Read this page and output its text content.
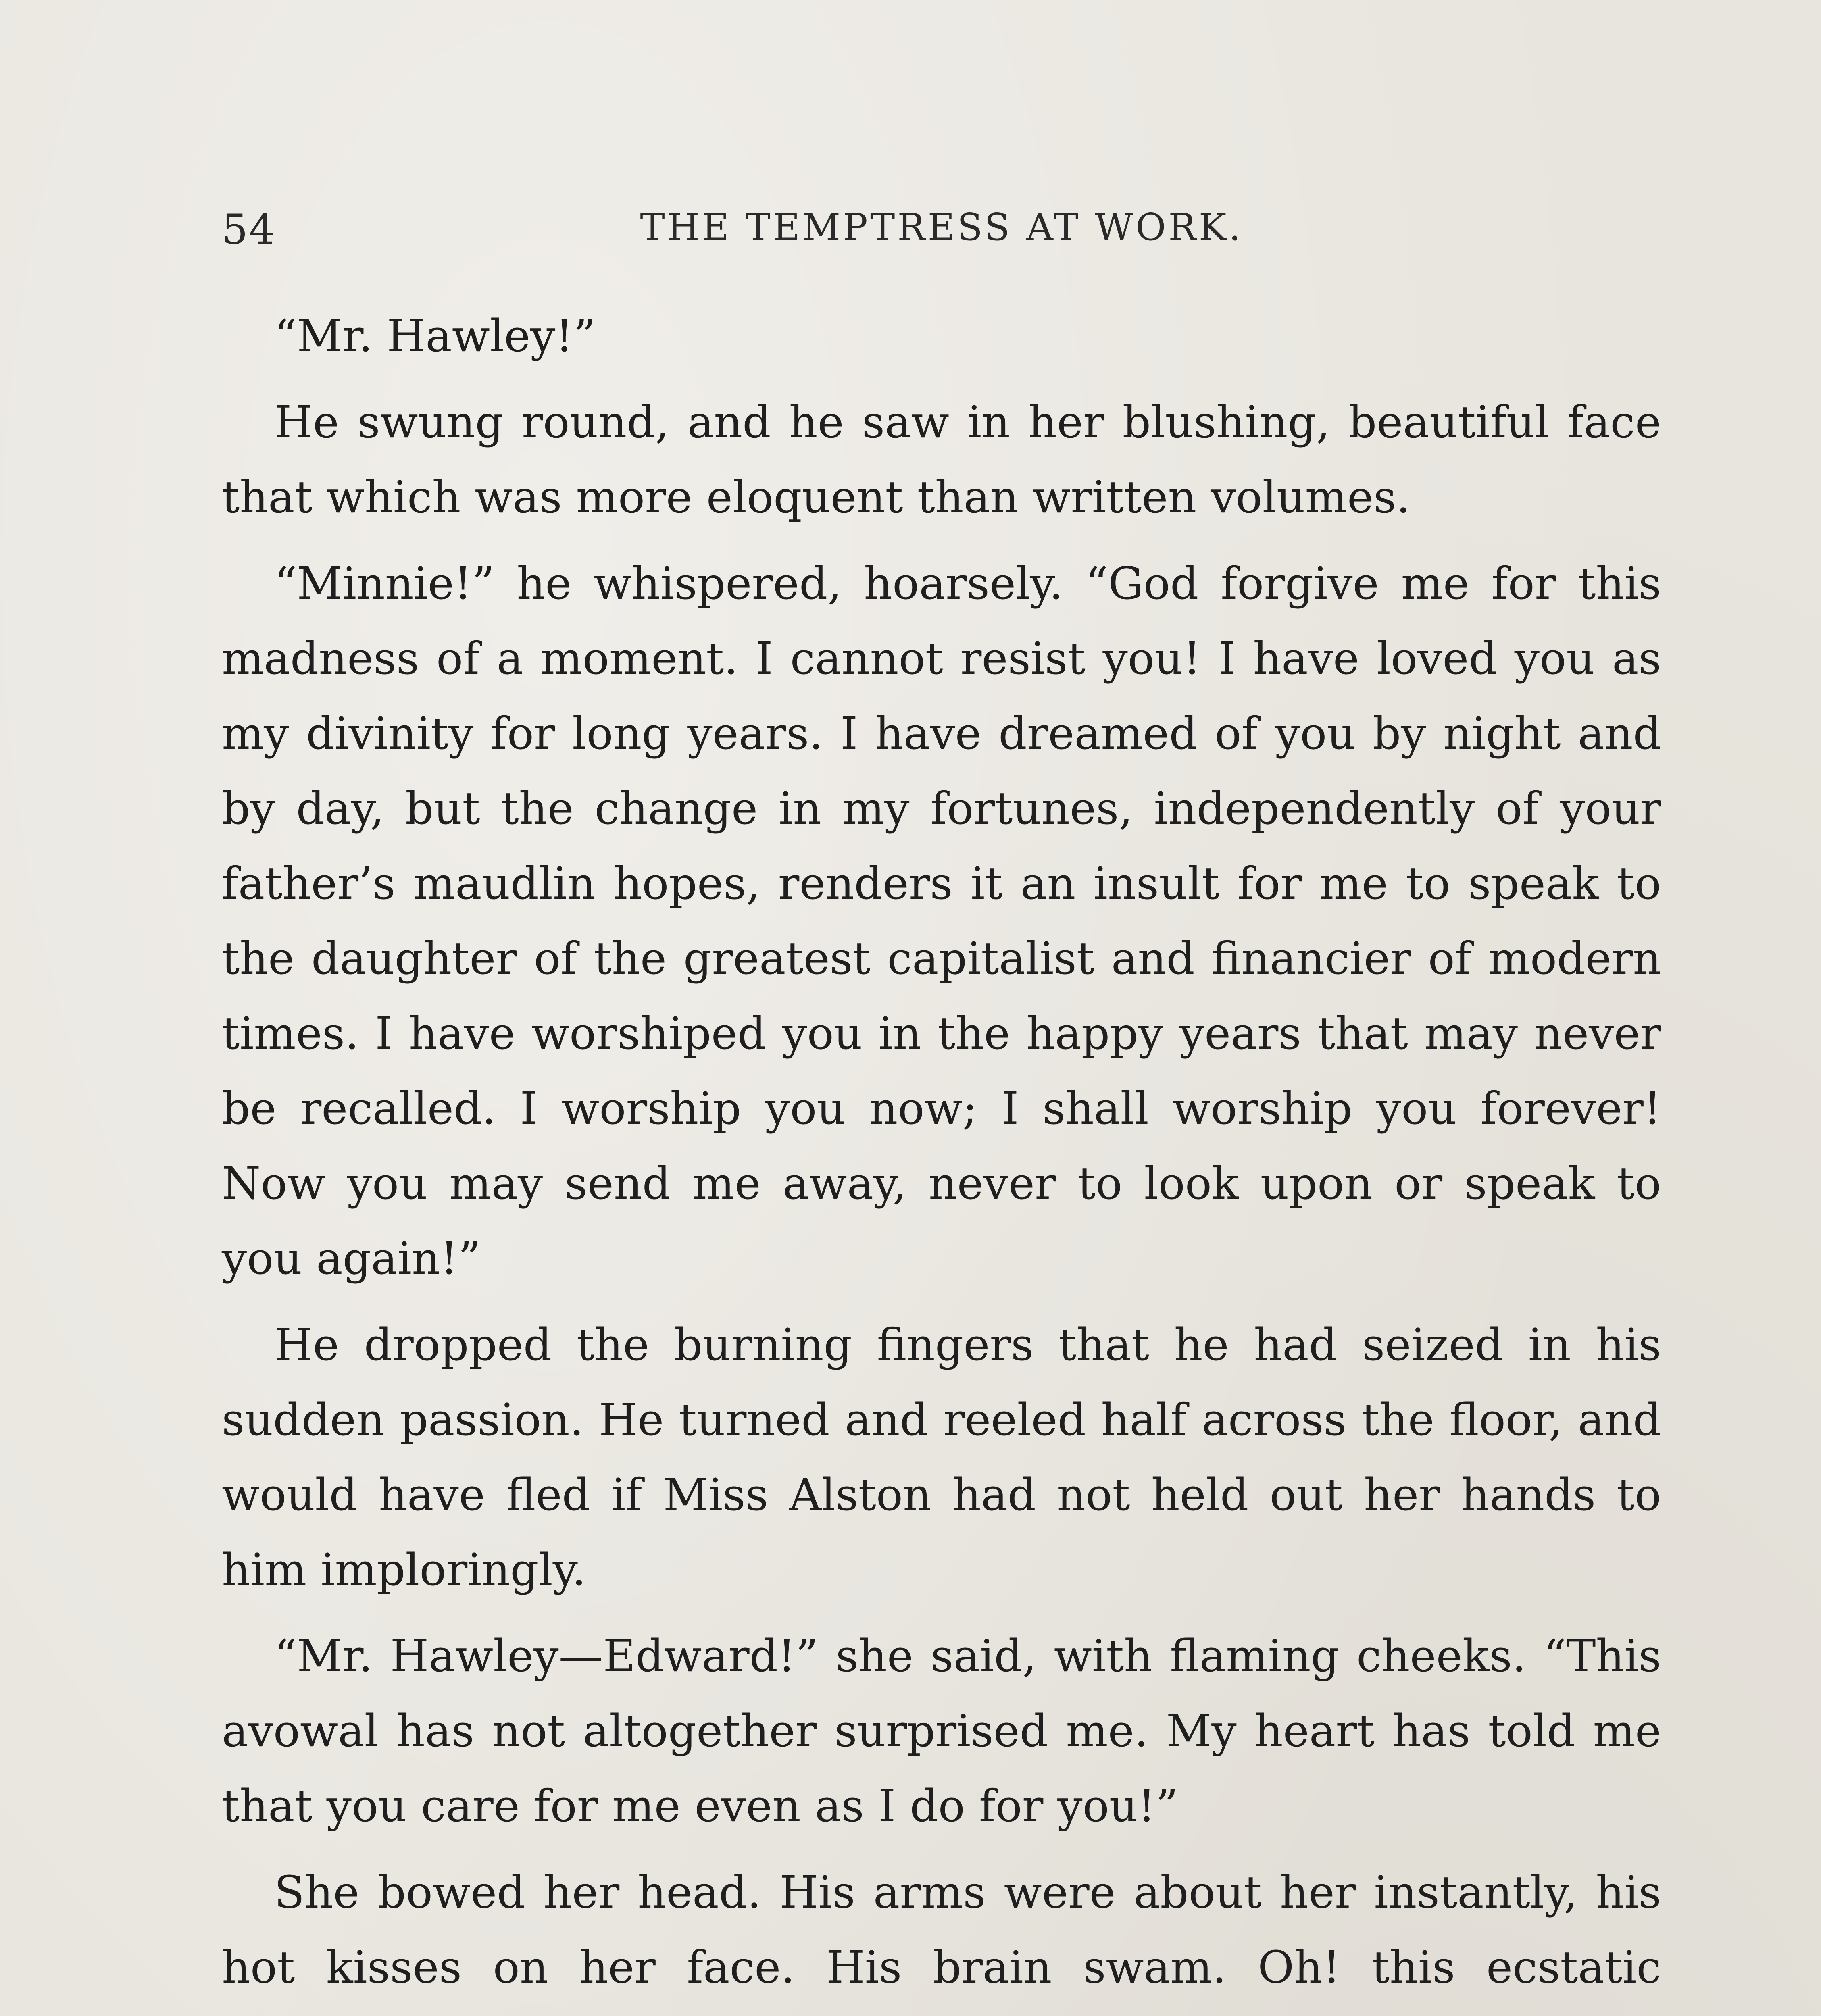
54	THE TEMPTRESS AT WORK.

“Mr. Hawley!”

He swung round, and he saw in her blushing, beautiful face that which was more eloquent than written volumes.

“Minnie!” he whispered, hoarsely. “God forgive me for this madness of a moment. I cannot resist you! I have loved you as my divinity for long years. I have dreamed of you by night and by day, but the change in my fortunes, independently of your father’s maudlin hopes, renders it an insult for me to speak to the daughter of the greatest capitalist and financier of modern times. I have worshiped you in the happy years that may never be recalled. I worship you now; I shall worship you forever! Now you may send me away, never to look upon or speak to you again!”

He dropped the burning fingers that he had seized in his sudden passion. He turned and reeled half across the floor, and would have fled if Miss Alston had not held out her hands to him imploringly.

“Mr. Hawley—Edward!” she said, with flaming cheeks. “This avowal has not altogether surprised me. My heart has told me that you care for me even as I do for you!”

She bowed her head. His arms were about her instantly, his hot kisses on her face. His brain swam. Oh! this ecstatic
